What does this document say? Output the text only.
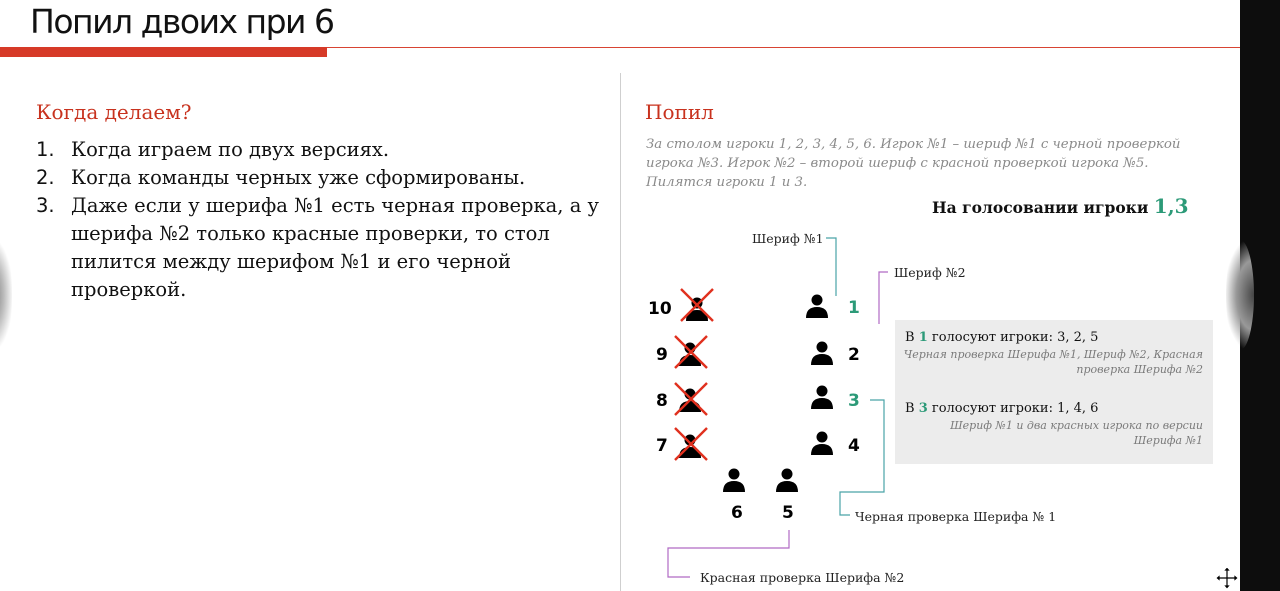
Попил двоих при 6
Когда делаем?
1. Когда играем по двух версиях.
2. Когда команды черных уже сформированы.
3. Даже если у шерифа №1 есть черная проверка, а у шерифа №2 только красные проверки, то стол пилится между шерифом №1 и его черной проверкой.
Попил
За столом игроки 1, 2, 3, 4, 5, 6. Игрок №1 – шериф №1 с черной проверкой игрока №3. Игрок №2 – второй шериф с красной проверкой игрока №5. Пилятся игроки 1 и 3.
На голосовании игроки 1,3
Шериф №1
Шериф №2
Черная проверка Шерифа № 1
Красная проверка Шерифа №2
1
2
3
4
5
6
10
9
8
7
В 1 голосуют игроки: 3, 2, 5
Черная проверка Шерифа №1, Шериф №2, Красная проверка Шерифа №2
В 3 голосуют игроки: 1, 4, 6
Шериф №1 и два красных игрока по версии Шерифа №1
